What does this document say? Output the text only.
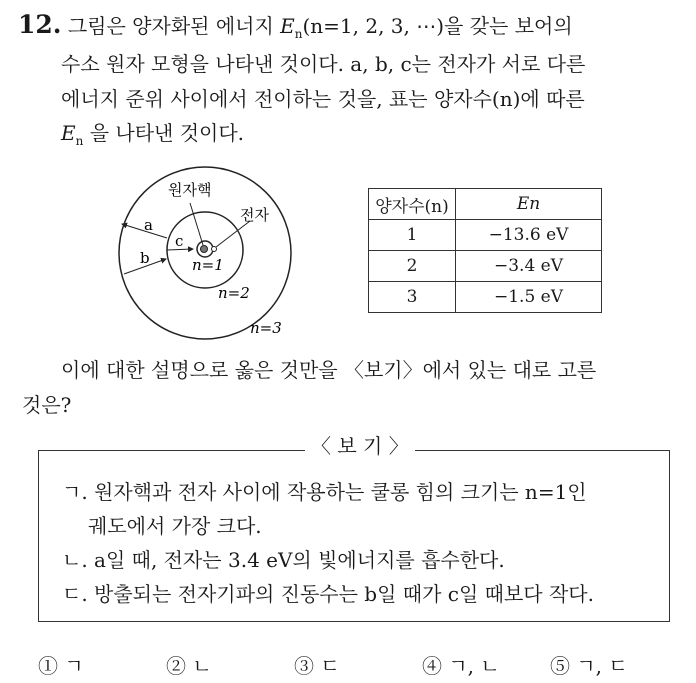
12. 그림은 양자화된 에너지 $E_n(n=1$, 2, 3, ⋯)을 갖는 보어의
수소 원자 모형을 나타낸 것이다. a, b, c는 전자가 서로 다른
에너지 준위 사이에서 전이하는 것을, 표는 양자수(n)에 따른
$E_n$ 을 나타낸 것이다.
원자핵
전자
a
b
c
n=1
n=2
n=3
양자수(n)	En
1	−13.6 eV
2	−3.4 eV
3	−1.5 eV
이에 대한 설명으로 옳은 것만을 〈보기〉에서 있는 대로 고른
것은?
〈 보 기 〉
ㄱ. 원자핵과 전자 사이에 작용하는 쿨롱 힘의 크기는 n=1인
궤도에서 가장 크다.
ㄴ. a일 때, 전자는 3.4 eV의 빛에너지를 흡수한다.
ㄷ. 방출되는 전자기파의 진동수는 b일 때가 c일 때보다 작다.
① ㄱ	② ㄴ	③ ㄷ	④ ㄱ, ㄴ	⑤ ㄱ, ㄷ
